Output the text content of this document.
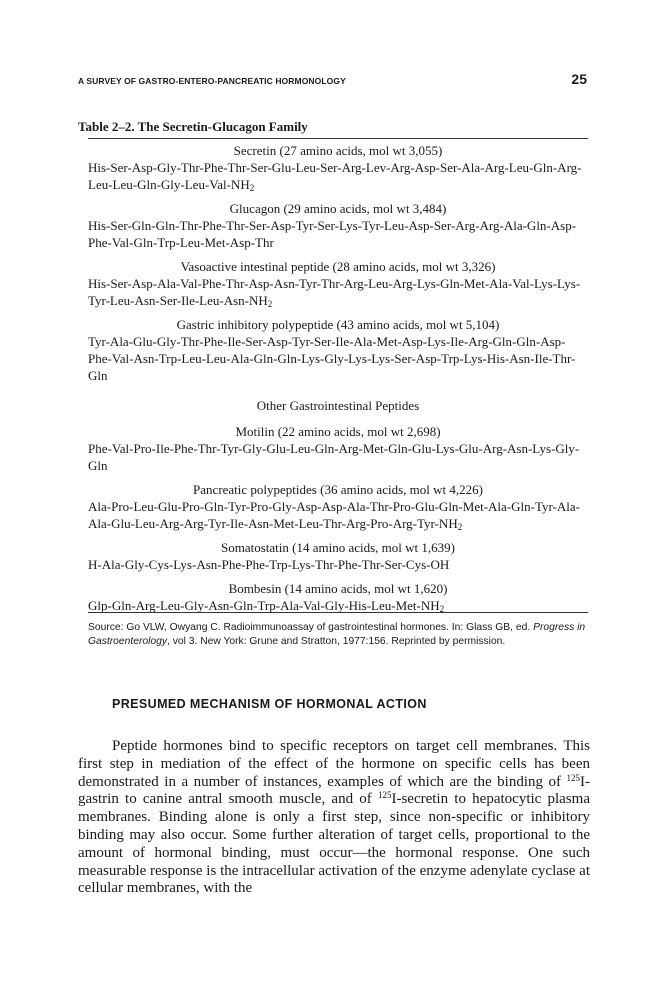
A SURVEY OF GASTRO-ENTERO-PANCREATIC HORMONOLOGY	25
Table 2–2. The Secretin-Glucagon Family
Secretin (27 amino acids, mol wt 3,055)
His-$Ser-Asp-Gly-Thr-Phe-Thr-Ser-Glu-Leu-Ser-Arg-Lev-Arg-Asp-Ser-Ala-Arg-Leu-Gln-Arg-Leu-Leu-Gln-Gly-Leu-Val-NH_2$
Glucagon (29 amino acids, mol wt 3,484)
His-Ser-Gln-Gln-Thr-Phe-Thr-Ser-Asp-Tyr-Ser-Lys-Tyr-Leu-Asp-Ser-Arg-Arg-Ala-Gln-Asp-Phe-Val-Gln-Trp-Leu-Met-Asp-Thr
Vasoactive intestinal peptide (28 amino acids, mol wt 3,326)
His-$Ser-Asp-Ala-Val-Phe-Thr-Asp-Asn-Tyr-Thr-Arg-Leu-Arg-Lys-Gln-Met-Ala-Val-Lys-Lys-Tyr-Leu-Asn-Ser-Ile-Leu-Asn-NH_2$
Gastric inhibitory polypeptide (43 amino acids, mol wt 5,104)
Tyr-Ala-Glu-Gly-Thr-Phe-Ile-Ser-Asp-Tyr-Ser-Ile-Ala-Met-Asp-Lys-Ile-Arg-Gln-Gln-Asp-Phe-Val-Asn-Trp-Leu-Leu-Ala-Gln-Gln-Lys-Gly-Lys-Lys-Ser-Asp-Trp-Lys-His-Asn-Ile-Thr-Gln
Other Gastrointestinal Peptides
Motilin (22 amino acids, mol wt 2,698)
Phe-Val-Pro-Ile-Phe-Thr-Tyr-Gly-Glu-Leu-Gln-Arg-Met-Gln-Glu-Lys-Glu-Arg-Asn-Lys-Gly-Gln
Pancreatic polypeptides (36 amino acids, mol wt 4,226)
Ala-Pro-Leu-Glu-Pro-Gln-Tyr-Pro-Gly-Asp-Asp-Ala-Thr-Pro-Glu-Gln-Met-Ala-Gln-Tyr-Ala-Ala-Glu-Leu-Arg-Arg-Tyr-Ile-Asn-Met-Leu-$Thr-Arg-Pro-Arg-Tyr-NH_2$
Somatostatin (14 amino acids, mol wt 1,639)
H-Ala-Gly-Cys-Lys-Asn-Phe-Phe-Trp-Lys-Thr-Phe-Thr-Ser-Cys-OH
Bombesin (14 amino acids, mol wt 1,620)
Glp-$Gln-Arg-Leu-Gly-Asn-Gln-Trp-Ala-Val-Gly-His-Leu-Met-NH_2$
Source: Go VLW, Owyang C. Radioimmunoassay of gastrointestinal hormones. In: Glass GB, ed. Progress in Gastroenterology, vol 3. New York: Grune and Stratton, 1977:156. Reprinted by permission.
PRESUMED MECHANISM OF HORMONAL ACTION
Peptide hormones bind to specific receptors on target cell membranes. This first step in mediation of the effect of the hormone on specific cells has been demonstrated in a number of instances, examples of which are the binding of $^{125}$I-gastrin to canine antral smooth muscle, and of $^{125}$I-secretin to hepatocytic plasma membranes. Binding alone is only a first step, since non-specific or inhibitory binding may also occur. Some further alteration of target cells, proportional to the amount of hormonal binding, must occur—the hormonal response. One such measurable response is the intracellular activation of the enzyme adenylate cyclase at cellular membranes, with the
